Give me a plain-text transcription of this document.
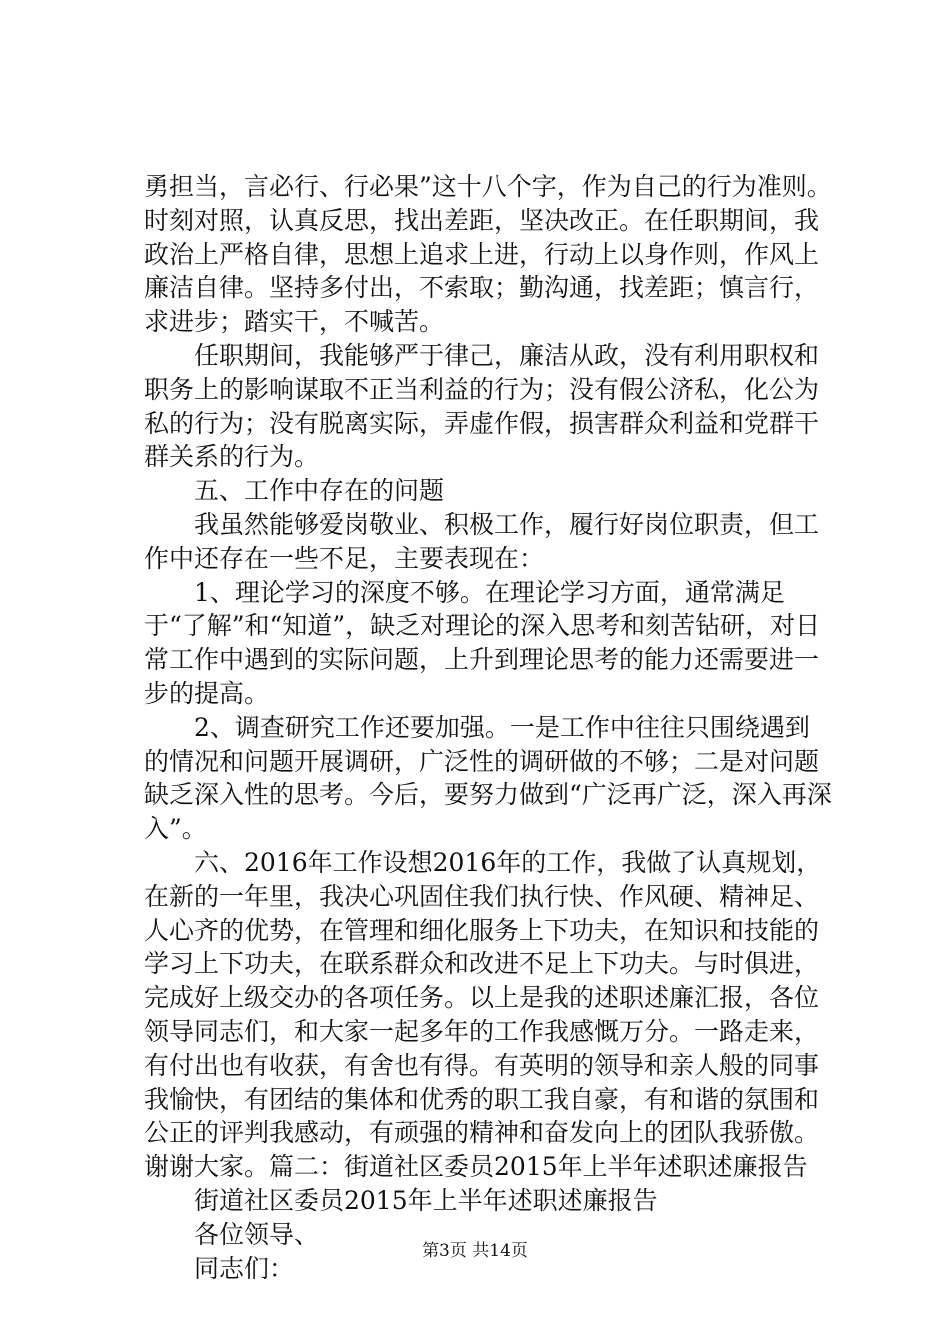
勇担当，言必行、行必果”这十八个字，作为自己的行为准则。时刻对照，认真反思，找出差距，坚决改正。在任职期间，我政治上严格自律，思想上追求上进，行动上以身作则，作风上廉洁自律。坚持多付出，不索取；勤沟通，找差距；慎言行，求进步；踏实干，不喊苦。

任职期间，我能够严于律己，廉洁从政，没有利用职权和职务上的影响谋取不正当利益的行为；没有假公济私，化公为私的行为；没有脱离实际，弄虚作假，损害群众利益和党群干群关系的行为。

五、工作中存在的问题

我虽然能够爱岗敬业、积极工作，履行好岗位职责，但工作中还存在一些不足，主要表现在：

1、理论学习的深度不够。在理论学习方面，通常满足于“了解”和“知道”，缺乏对理论的深入思考和刻苦钻研，对日常工作中遇到的实际问题，上升到理论思考的能力还需要进一步的提高。

2、调查研究工作还要加强。一是工作中往往只围绕遇到的情况和问题开展调研，广泛性的调研做的不够；二是对问题缺乏深入性的思考。今后，要努力做到“广泛再广泛，深入再深入”。

六、2016年工作设想2016年的工作，我做了认真规划，在新的一年里，我决心巩固住我们执行快、作风硬、精神足、人心齐的优势，在管理和细化服务上下功夫，在知识和技能的学习上下功夫，在联系群众和改进不足上下功夫。与时俱进，完成好上级交办的各项任务。以上是我的述职述廉汇报，各位领导同志们，和大家一起多年的工作我感慨万分。一路走来，有付出也有收获，有舍也有得。有英明的领导和亲人般的同事我愉快，有团结的集体和优秀的职工我自豪，有和谐的氛围和公正的评判我感动，有顽强的精神和奋发向上的团队我骄傲。谢谢大家。篇二：街道社区委员2015年上半年述职述廉报告

街道社区委员2015年上半年述职述廉报告

各位领导、

同志们：

第3页 共14页
